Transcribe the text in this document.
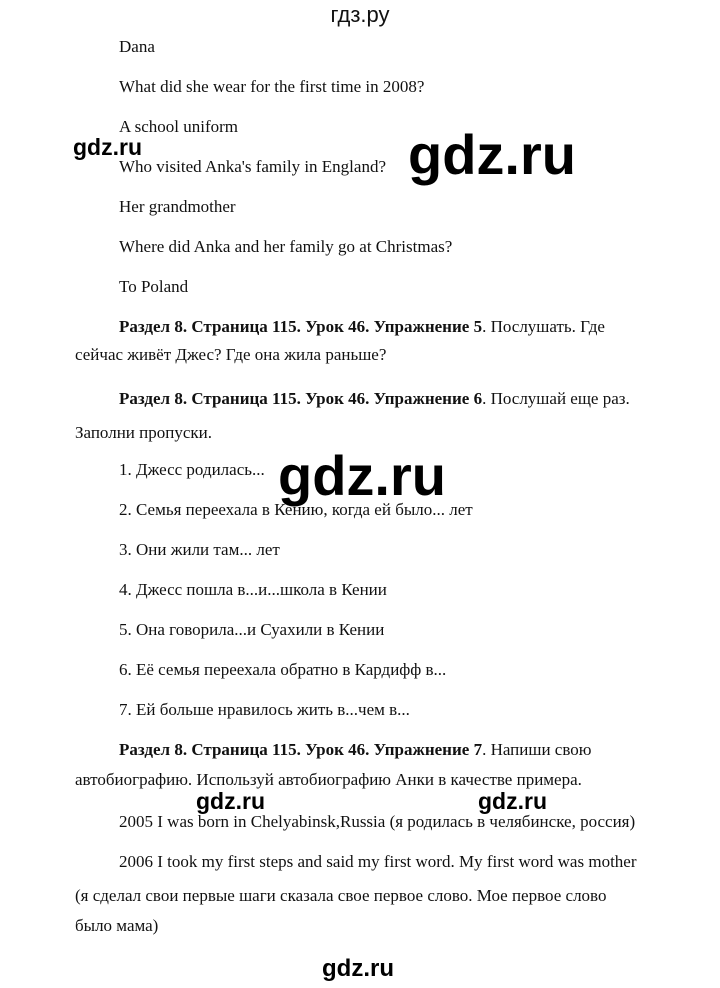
гдз.ру
Dana
What did she wear for the first time in 2008?
A school uniform
Who visited Anka's family in England?
Her grandmother
Where did Anka and her family go at Christmas?
To Poland
Раздел 8. Страница 115. Урок 46. Упражнение 5. Послушать. Где
сейчас живёт Джес? Где она жила раньше?
Раздел 8. Страница 115. Урок 46. Упражнение 6. Послушай еще раз.
Заполни пропуски.
1. Джесс родилась...
2. Семья переехала в Кению, когда ей было... лет
3. Они жили там... лет
4. Джесс пошла в...и...школа в Кении
5. Она говорила...и Суахили в Кении
6. Её семья переехала обратно в Кардифф в...
7. Ей больше нравилось жить в...чем в...
Раздел 8. Страница 115. Урок 46. Упражнение 7. Напиши свою
автобиографию. Используй автобиографию Анки в качестве примера.
2005 I was born in Chelyabinsk,Russia (я родилась в челябинске, россия)
2006 I took my first steps and said my first word. My first word was mother
(я сделал свои первые шаги сказала свое первое слово. Мое первое слово
было мама)
gdz.ru	gdz.ru
gdz.ru
gdz.ru	gdz.ru
gdz.ru
